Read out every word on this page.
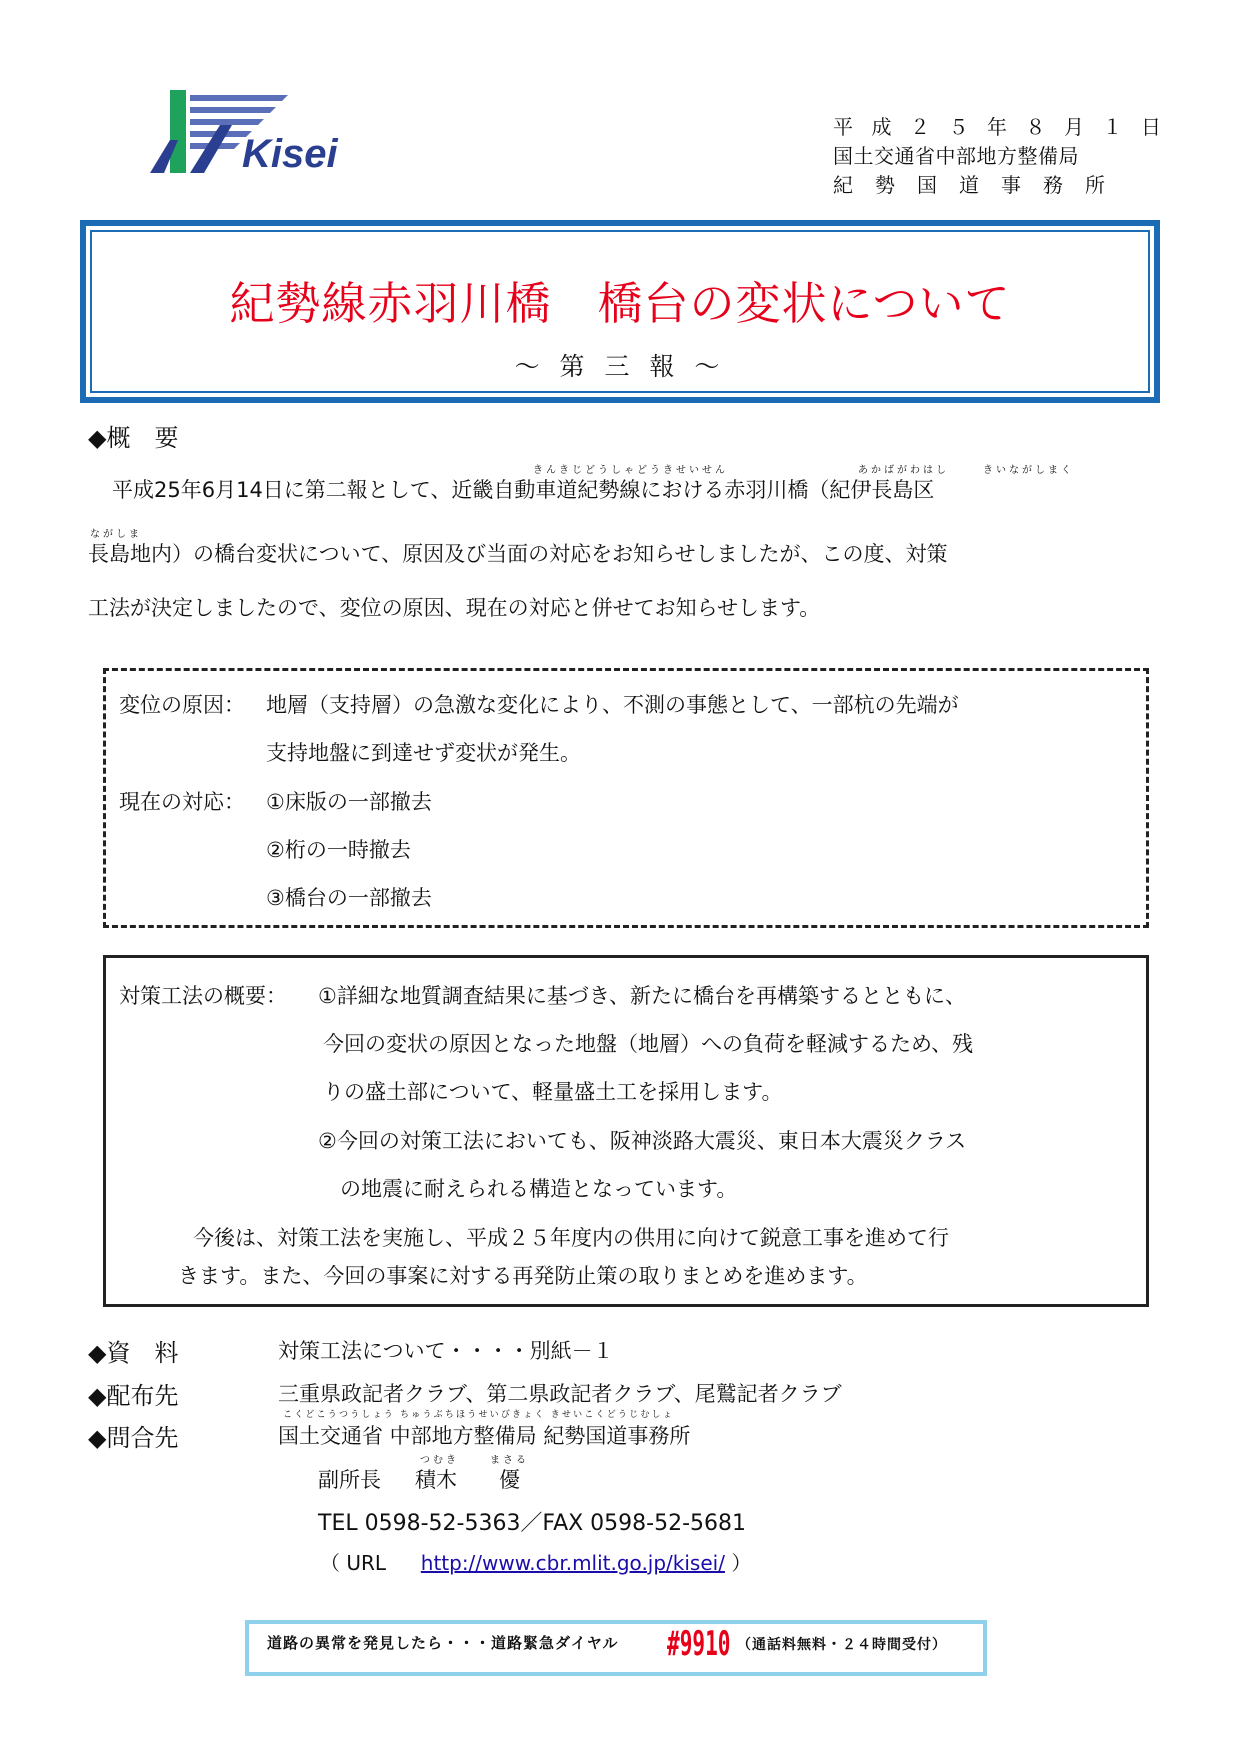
Kisei
平成２５年８月１日
国土交通省中部地方整備局
紀勢国道事務所
紀勢線赤羽川橋　橋台の変状について
～ 第 三 報 ～
◆概　要
きんきじどうしゃどうきせいせん	あかばがわはし	きいながしまく
平成25年6月14日に第二報として、近畿自動車道紀勢線における赤羽川橋（紀伊長島区
ながしま
長島地内）の橋台変状について、原因及び当面の対応をお知らせしましたが、この度、対策
工法が決定しましたので、変位の原因、現在の対応と併せてお知らせします。
変位の原因： 地層（支持層）の急激な変化により、不測の事態として、一部杭の先端が
支持地盤に到達せず変状が発生。
現在の対応： ①床版の一部撤去
②桁の一時撤去
③橋台の一部撤去
対策工法の概要： ①詳細な地質調査結果に基づき、新たに橋台を再構築するとともに、
今回の変状の原因となった地盤（地層）への負荷を軽減するため、残
りの盛土部について、軽量盛土工を採用します。
②今回の対策工法においても、阪神淡路大震災、東日本大震災クラス
の地震に耐えられる構造となっています。
今後は、対策工法を実施し、平成２５年度内の供用に向けて鋭意工事を進めて行
きます。また、今回の事案に対する再発防止策の取りまとめを進めます。
◆資　料	対策工法について・・・・別紙－１
◆配布先	三重県政記者クラブ、第二県政記者クラブ、尾鷲記者クラブ
◆問合先
こくどこうつうしょう ちゅうぶちほうせいびきょく きせいこくどうじむしょ
国土交通省 中部地方整備局 紀勢国道事務所
つむき	まさる
副所長 積木　　優
TEL 0598-52-5363／FAX 0598-52-5681
（ URL http://www.cbr.mlit.go.jp/kisei/ ）
道路の異常を発見したら・・・道路緊急ダイヤル #9910 （通話料無料・２４時間受付）
